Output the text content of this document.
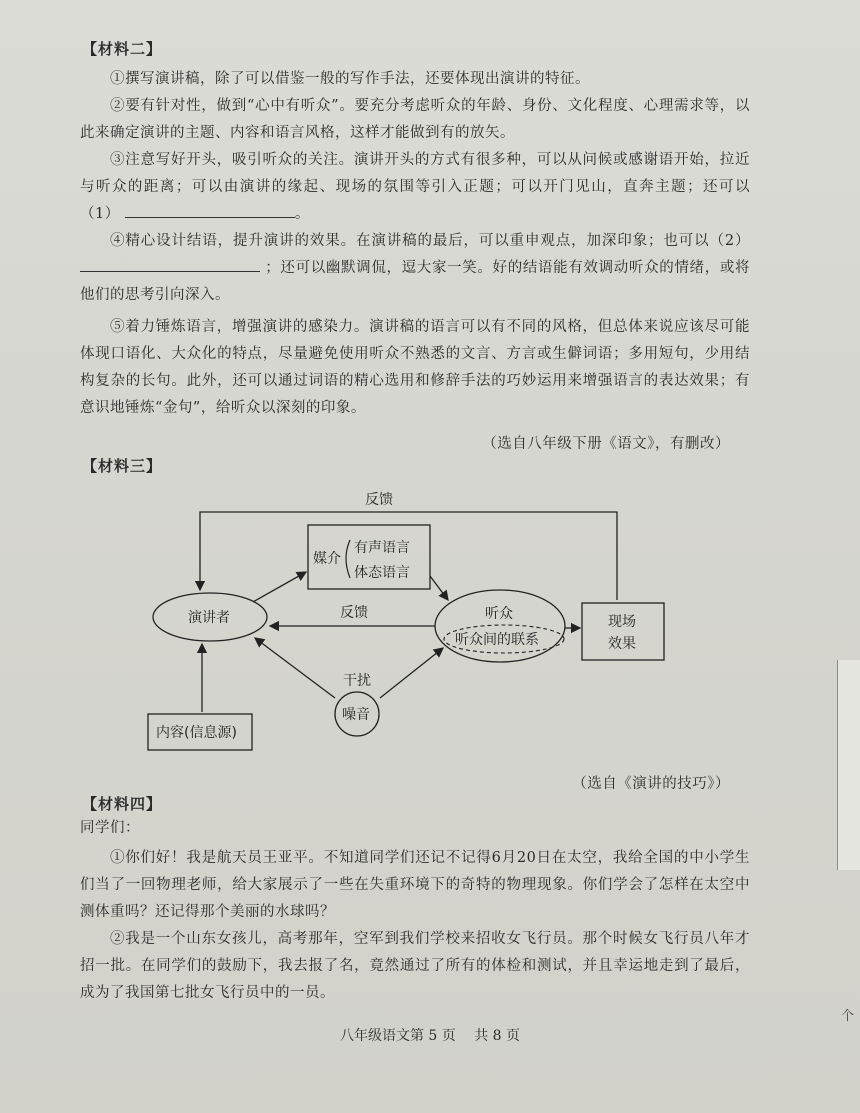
个
【材料二】
①撰写演讲稿，除了可以借鉴一般的写作手法，还要体现出演讲的特征。
②要有针对性，做到“心中有听众”。要充分考虑听众的年龄、身份、文化程度、心理需求等，以此来确定演讲的主题、内容和语言风格，这样才能做到有的放矢。
③注意写好开头，吸引听众的关注。演讲开头的方式有很多种，可以从问候或感谢语开始，拉近与听众的距离；可以由演讲的缘起、现场的氛围等引入正题；可以开门见山，直奔主题；还可以 （1）	。
④精心设计结语，提升演讲的效果。在演讲稿的最后，可以重申观点，加深印象；也可以（2）  ；还可以幽默调侃，逗大家一笑。好的结语能有效调动听众的情绪，或将他们的思考引向深入。
⑤着力锤炼语言，增强演讲的感染力。演讲稿的语言可以有不同的风格，但总体来说应该尽可能体现口语化、大众化的特点，尽量避免使用听众不熟悉的文言、方言或生僻词语；多用短句，少用结构复杂的长句。此外，还可以通过词语的精心选用和修辞手法的巧妙运用来增强语言的表达效果；有意识地锤炼“金句”，给听众以深刻的印象。
（选自八年级下册《语文》，有删改）
【材料三】
反馈
媒介
有声语言
体态语言
演讲者	听众
听众间的联系
现场
效果
反馈
干扰
噪音
内容(信息源)
（选自《演讲的技巧》）
【材料四】
同学们：
①你们好！我是航天员王亚平。不知道同学们还记不记得6月20日在太空，我给全国的中小学生们当了一回物理老师，给大家展示了一些在失重环境下的奇特的物理现象。你们学会了怎样在太空中测体重吗？还记得那个美丽的水球吗？
②我是一个山东女孩儿，高考那年，空军到我们学校来招收女飞行员。那个时候女飞行员八年才招一批。在同学们的鼓励下，我去报了名，竟然通过了所有的体检和测试，并且幸运地走到了最后，成为了我国第七批女飞行员中的一员。
八年级语文第 5 页　 共 8 页
